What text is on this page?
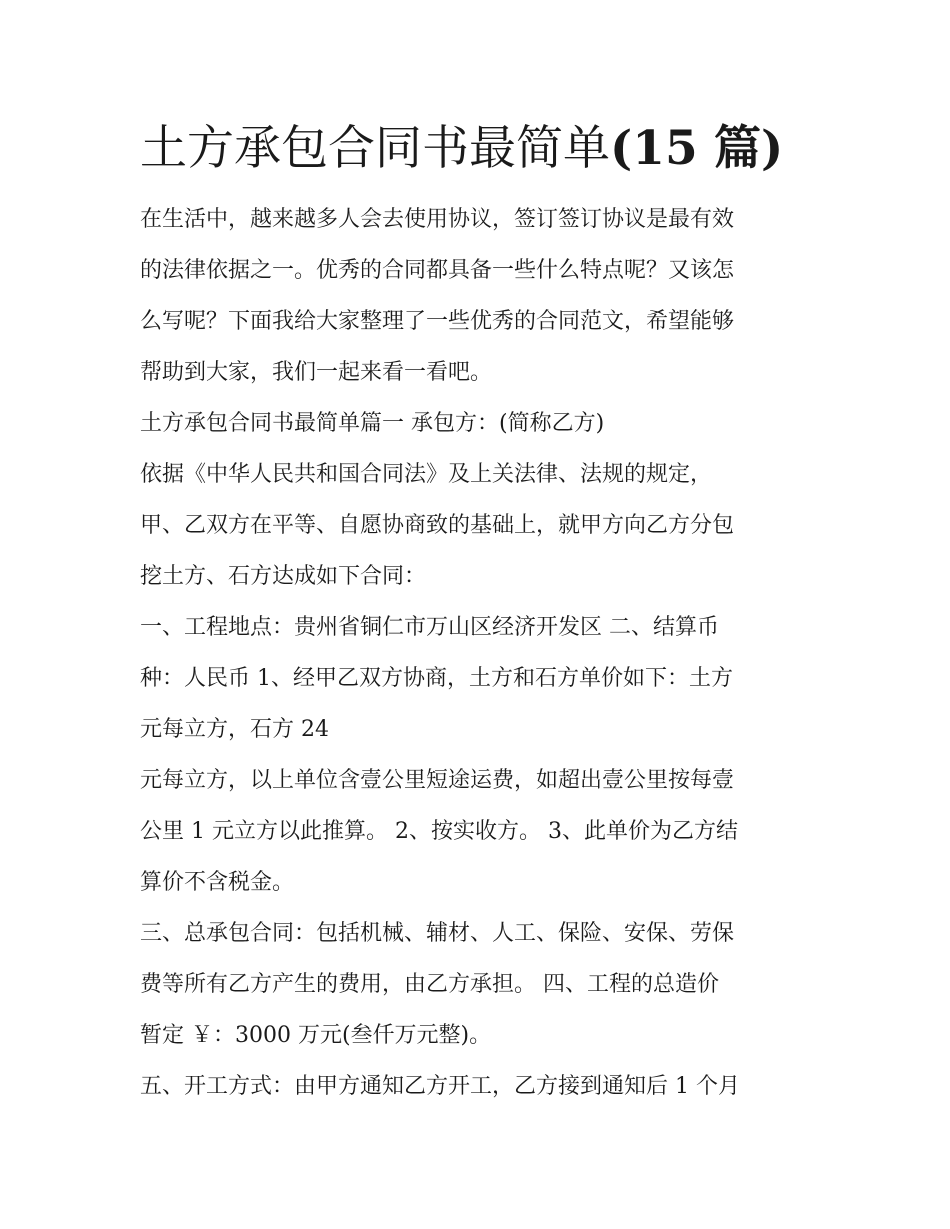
土方承包合同书最简单(15 篇)

在生活中，越来越多人会去使用协议，签订签订协议是最有效

的法律依据之一。优秀的合同都具备一些什么特点呢？又该怎

么写呢？下面我给大家整理了一些优秀的合同范文，希望能够

帮助到大家，我们一起来看一看吧。

土方承包合同书最简单篇一 承包方：(简称乙方)

依据《中华人民共和国合同法》及上关法律、法规的规定，

甲、乙双方在平等、自愿协商致的基础上，就甲方向乙方分包

挖土方、石方达成如下合同：

一、工程地点：贵州省铜仁市万山区经济开发区 二、结算币

种：人民币 1、经甲乙双方协商，土方和石方单价如下：土方

元每立方，石方 24

元每立方，以上单位含壹公里短途运费，如超出壹公里按每壹

公里 1 元立方以此推算。 2、按实收方。 3、此单价为乙方结

算价不含税金。

三、总承包合同：包括机械、辅材、人工、保险、安保、劳保

费等所有乙方产生的费用，由乙方承担。 四、工程的总造价

暂定 ￥：3000 万元(叁仟万元整)。

五、开工方式：由甲方通知乙方开工，乙方接到通知后 1 个月
